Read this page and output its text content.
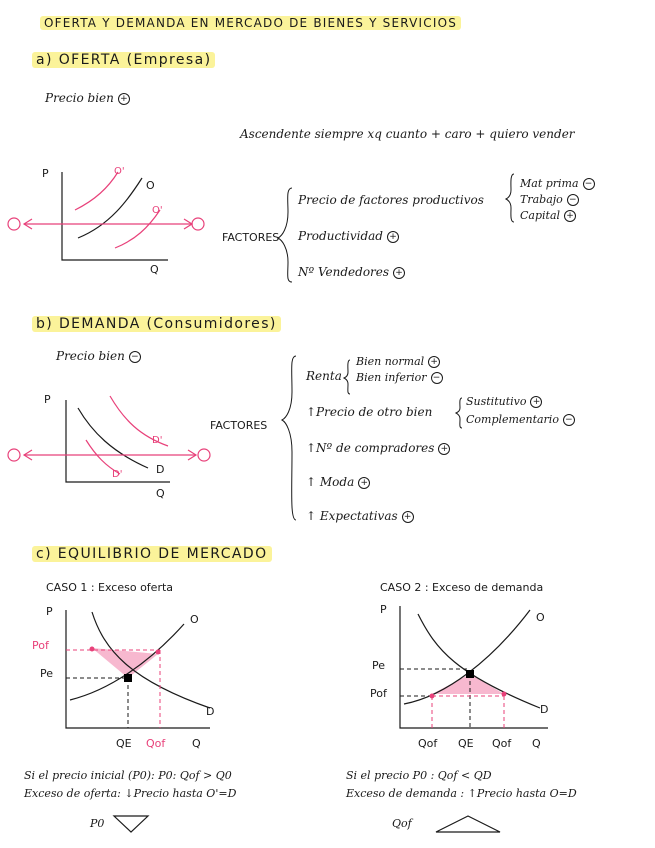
OFERTA Y DEMANDA EN MERCADO DE BIENES Y SERVICIOS
a) OFERTA (Empresa)
Precio bien +
Ascendente siempre xq cuanto + caro + quiero vender
P
Q
O
O'
O'
FACTORES
Precio de factores productivos
Productividad +
Nº Vendedores +
Mat prima −
Trabajo −
Capital +
b) DEMANDA (Consumidores)
Precio bien −
P
Q
D
D'
D'
FACTORES
Renta
Bien normal +
Bien inferior −
↑Precio de otro bien
Sustitutivo +
Complementario −
↑Nº de compradores +
↑ Moda +
↑ Expectativas +
c) EQUILIBRIO DE MERCADO
CASO 1 : Exceso oferta	CASO 2 : Exceso de demanda
P
Pof
Pe
O
D
QE Qof Q
Si el precio inicial (P0): P0: Qof > Q0
Exceso de oferta: ↓Precio hasta O'=D
P0
P
Pe
Pof
O
D
Qof QE Qof Q
Si el precio P0 : Qof < QD
Exceso de demanda : ↑Precio hasta O=D
Qof
